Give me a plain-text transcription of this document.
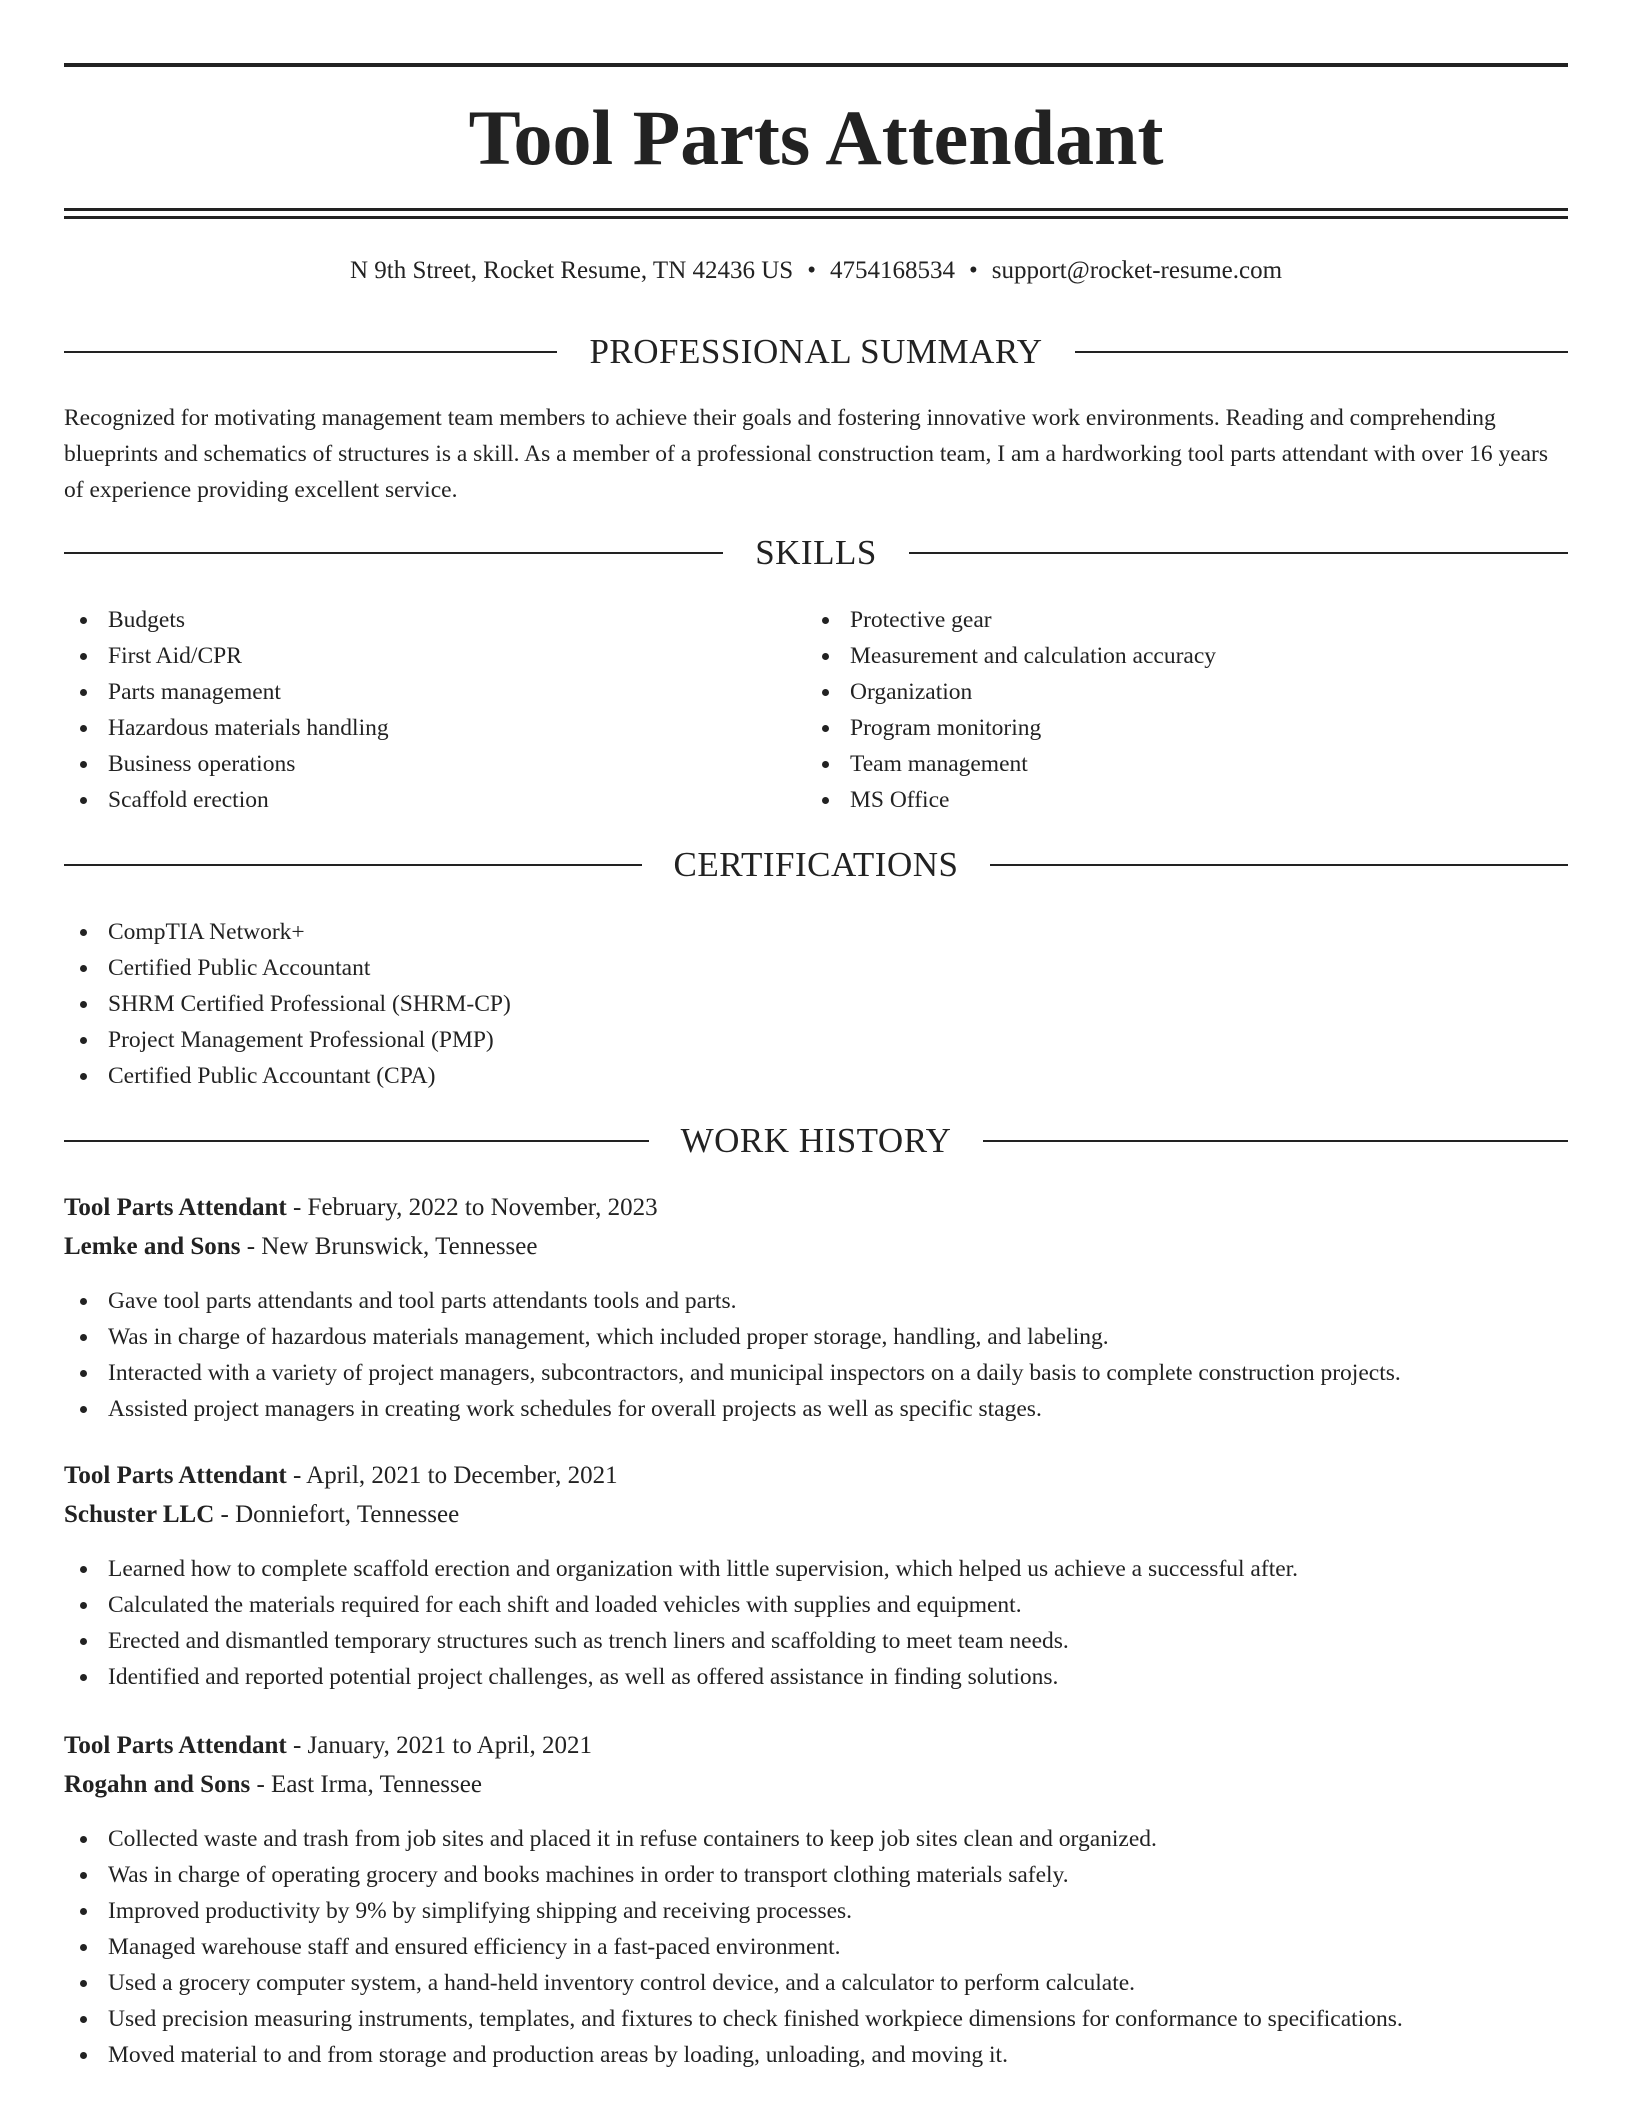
Tool Parts Attendant
N 9th Street, Rocket Resume, TN 42436 US • 4754168534 • support@rocket-resume.com
PROFESSIONAL SUMMARY

Recognized for motivating management team members to achieve their goals and fostering innovative work environments. Reading and comprehending blueprints and schematics of structures is a skill. As a member of a professional construction team, I am a hardworking tool parts attendant with over 16 years of experience providing excellent service.

SKILLS
Budgets
First Aid/CPR
Parts management
Hazardous materials handling
Business operations
Scaffold erection
Protective gear
Measurement and calculation accuracy
Organization
Program monitoring
Team management
MS Office
CERTIFICATIONS
CompTIA Network+
Certified Public Accountant
SHRM Certified Professional (SHRM-CP)
Project Management Professional (PMP)
Certified Public Accountant (CPA)
WORK HISTORY
Tool Parts Attendant - February, 2022 to November, 2023
Lemke and Sons - New Brunswick, Tennessee
Gave tool parts attendants and tool parts attendants tools and parts.
Was in charge of hazardous materials management, which included proper storage, handling, and labeling.
Interacted with a variety of project managers, subcontractors, and municipal inspectors on a daily basis to complete construction projects.
Assisted project managers in creating work schedules for overall projects as well as specific stages.
Tool Parts Attendant - April, 2021 to December, 2021
Schuster LLC - Donniefort, Tennessee
Learned how to complete scaffold erection and organization with little supervision, which helped us achieve a successful after.
Calculated the materials required for each shift and loaded vehicles with supplies and equipment.
Erected and dismantled temporary structures such as trench liners and scaffolding to meet team needs.
Identified and reported potential project challenges, as well as offered assistance in finding solutions.
Tool Parts Attendant - January, 2021 to April, 2021
Rogahn and Sons - East Irma, Tennessee
Collected waste and trash from job sites and placed it in refuse containers to keep job sites clean and organized.
Was in charge of operating grocery and books machines in order to transport clothing materials safely.
Improved productivity by 9% by simplifying shipping and receiving processes.
Managed warehouse staff and ensured efficiency in a fast-paced environment.
Used a grocery computer system, a hand-held inventory control device, and a calculator to perform calculate.
Used precision measuring instruments, templates, and fixtures to check finished workpiece dimensions for conformance to specifications.
Moved material to and from storage and production areas by loading, unloading, and moving it.
